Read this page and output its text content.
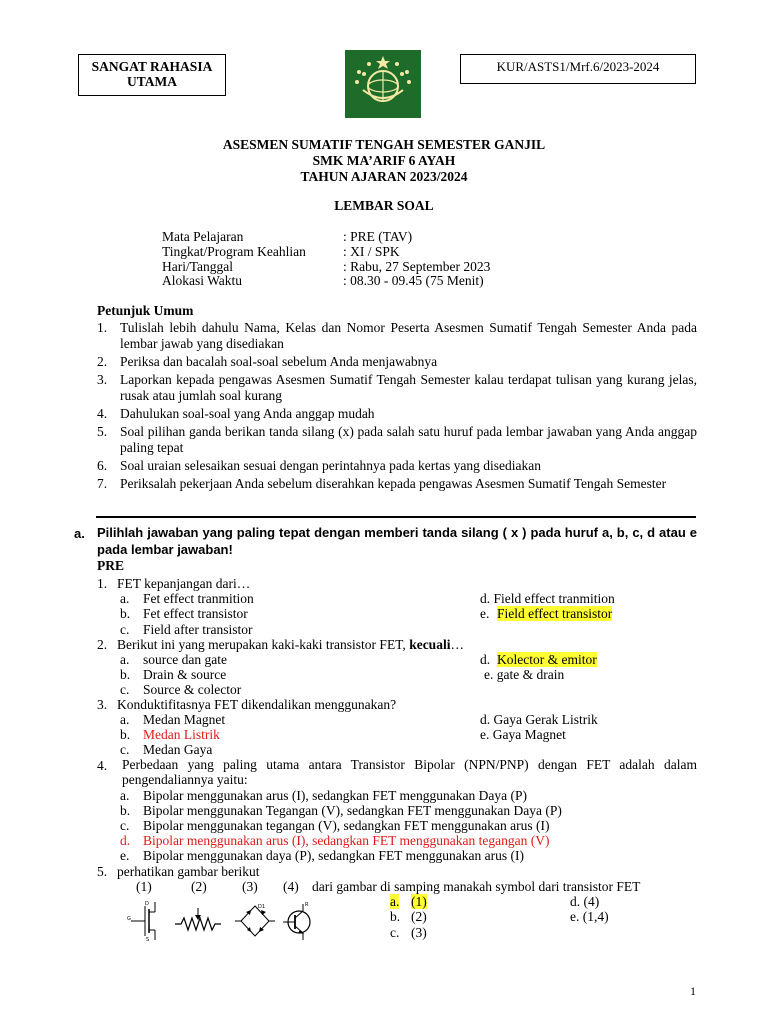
SANGAT RAHASIA
UTAMA
KUR/ASTS1/Mrf.6/2023-2024
ASESMEN SUMATIF TENGAH SEMESTER GANJIL
SMK MA’ARIF 6 AYAH
TAHUN AJARAN 2023/2024
LEMBAR SOAL
Mata Pelajaran	: PRE (TAV)
Tingkat/Program Keahlian	: XI / SPK
Hari/Tanggal	: Rabu, 27 September 2023
Alokasi Waktu	: 08.30 - 09.45 (75 Menit)
Petunjuk Umum
1. Tulislah lebih dahulu Nama, Kelas dan Nomor Peserta Asesmen Sumatif Tengah Semester Anda pada lembar jawab yang disediakan
2. Periksa dan bacalah soal-soal sebelum Anda menjawabnya
3. Laporkan kepada pengawas Asesmen Sumatif Tengah Semester kalau terdapat tulisan yang kurang jelas, rusak atau jumlah soal kurang
4. Dahulukan soal-soal yang Anda anggap mudah
5. Soal pilihan ganda berikan tanda silang (x) pada salah satu huruf pada lembar jawaban yang Anda anggap paling tepat
6. Soal uraian selesaikan sesuai dengan perintahnya pada kertas yang disediakan
7. Periksalah pekerjaan Anda sebelum diserahkan kepada pengawas Asesmen Sumatif Tengah Semester
a. Pilihlah jawaban yang paling tepat dengan memberi tanda silang ( x ) pada huruf a, b, c, d atau e pada lembar jawaban!
PRE
1. FET kepanjangan dari…
a. Fet effect tranmition
b. Fet effect transistor
c. Field after transistor
d. Field effect tranmition
e. Field effect transistor
2. Berikut ini yang merupakan kaki-kaki transistor FET, kecuali…
a. source dan gate
b. Drain & source
c. Source & colector
d. Kolector & emitor
e. gate & drain
3. Konduktifitasnya FET dikendalikan menggunakan?
a. Medan Magnet
b. Medan Listrik
c. Medan Gaya
d. Gaya Gerak Listrik
e. Gaya Magnet
4. Perbedaan yang paling utama antara Transistor Bipolar (NPN/PNP) dengan FET adalah dalam pengendaliannya yaitu:
a. Bipolar menggunakan arus (I), sedangkan FET menggunakan Daya (P)
b. Bipolar menggunakan Tegangan (V), sedangkan FET menggunakan Daya (P)
c. Bipolar menggunakan tegangan (V), sedangkan FET menggunakan arus (I)
d. Bipolar menggunakan arus (I), sedangkan FET menggunakan tegangan (V)
e. Bipolar menggunakan daya (P), sedangkan FET menggunakan arus (I)
5. perhatikan gambar berikut
(1)	(2)	(3) (4) dari gambar di samping manakah symbol dari transistor FET
G
D
S
D1	R	a. (1)
b. (2)
c. (3)
d. (4)
e. (1,4)
1
